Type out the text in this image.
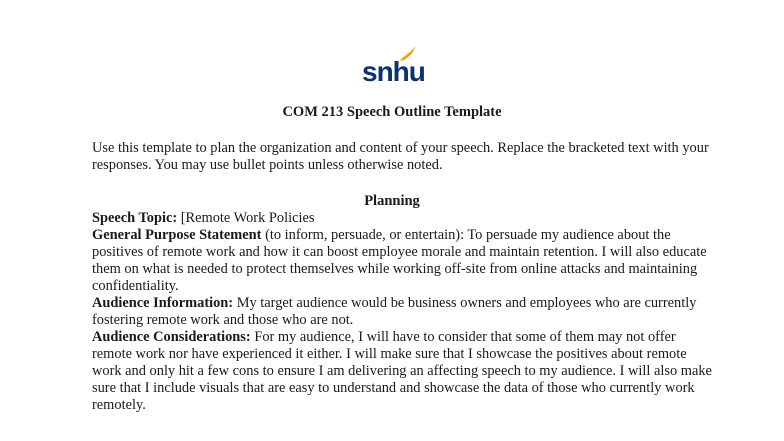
snhu
COM 213 Speech Outline Template
Use this template to plan the organization and content of your speech. Replace the bracketed text with your responses. You may use bullet points unless otherwise noted.
Planning

Speech Topic: [Remote Work Policies

General Purpose Statement (to inform, persuade, or entertain): To persuade my audience about the positives of remote work and how it can boost employee morale and maintain retention. I will also educate them on what is needed to protect themselves while working off-site from online attacks and maintaining confidentiality.

Audience Information: My target audience would be business owners and employees who are currently fostering remote work and those who are not.

Audience Considerations: For my audience, I will have to consider that some of them may not offer remote work nor have experienced it either. I will make sure that I showcase the positives about remote work and only hit a few cons to ensure I am delivering an affecting speech to my audience. I will also make sure that I include visuals that are easy to understand and showcase the data of those who currently work remotely.
